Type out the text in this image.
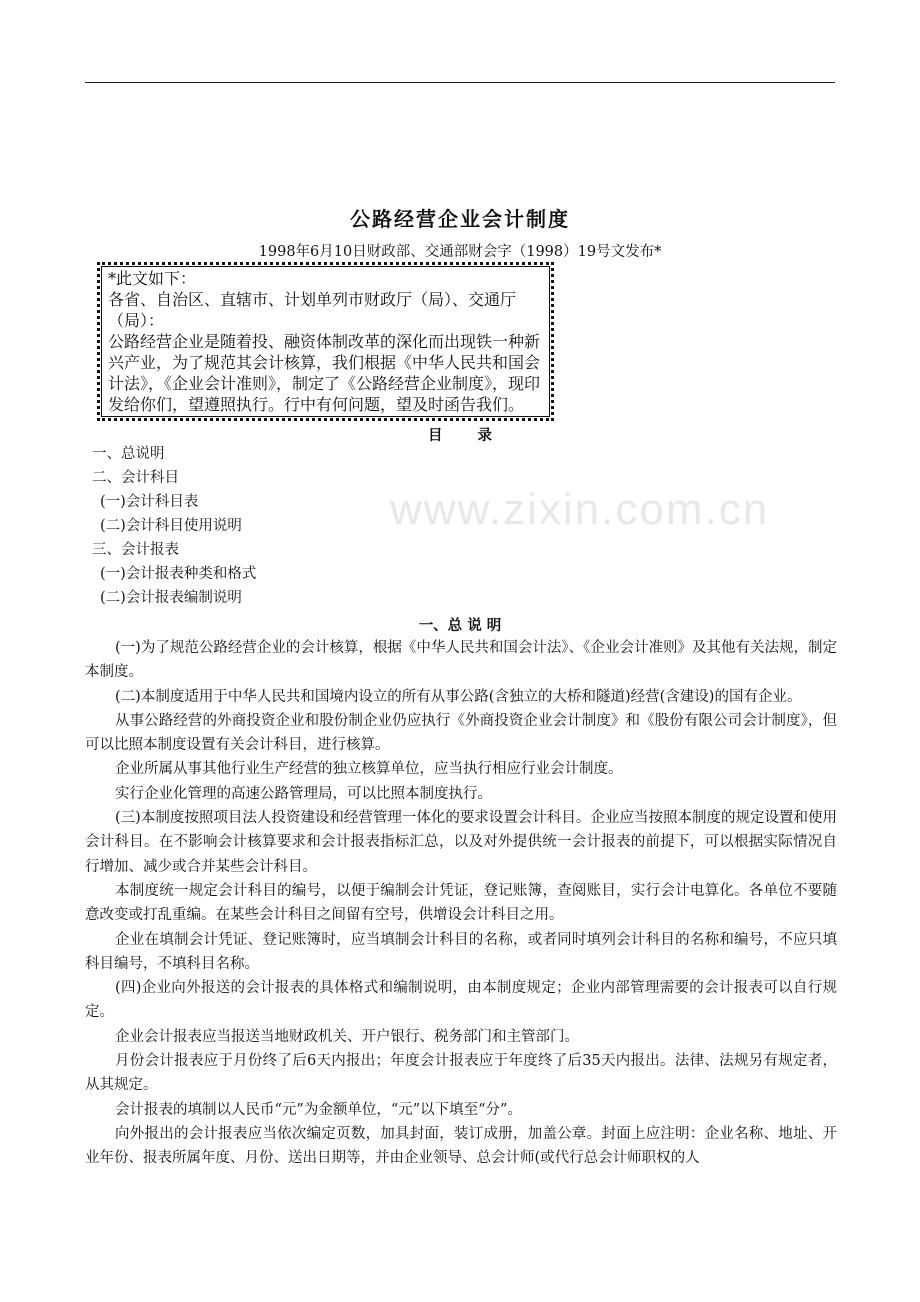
公路经营企业会计制度
1998年6月10日财政部、交通部财会字（1998）19号文发布*

*此文如下：

各省、自治区、直辖市、计划单列市财政厅（局）、交通厅（局）：

公路经营企业是随着投、融资体制改革的深化而出现铁一种新兴产业，为了规范其会计核算，我们根据《中华人民共和国会计法》，《企业会计准则》，制定了《公路经营企业制度》，现印发给你们，望遵照执行。行中有何问题，望及时函告我们。

目 录
一、总说明
二、会计科目
(一)会计科目表
(二)会计科目使用说明
三、会计报表
(一)会计报表种类和格式
(二)会计报表编制说明
www.zixin.com.cn
一、总 说 明

(一)为了规范公路经营企业的会计核算，根据《中华人民共和国会计法》、《企业会计准则》及其他有关法规，制定本制度。

(二)本制度适用于中华人民共和国境内设立的所有从事公路(含独立的大桥和隧道)经营(含建设)的国有企业。

从事公路经营的外商投资企业和股份制企业仍应执行《外商投资企业会计制度》和《股份有限公司会计制度》，但可以比照本制度设置有关会计科目，进行核算。

企业所属从事其他行业生产经营的独立核算单位，应当执行相应行业会计制度。

实行企业化管理的高速公路管理局，可以比照本制度执行。

(三)本制度按照项目法人投资建设和经营管理一体化的要求设置会计科目。企业应当按照本制度的规定设置和使用会计科目。在不影响会计核算要求和会计报表指标汇总，以及对外提供统一会计报表的前提下，可以根据实际情况自行增加、减少或合并某些会计科目。

本制度统一规定会计科目的编号，以便于编制会计凭证，登记账簿，查阅账目，实行会计电算化。各单位不要随意改变或打乱重编。在某些会计科目之间留有空号，供增设会计科目之用。

企业在填制会计凭证、登记账簿时，应当填制会计科目的名称，或者同时填列会计科目的名称和编号，不应只填科目编号，不填科目名称。

(四)企业向外报送的会计报表的具体格式和编制说明，由本制度规定；企业内部管理需要的会计报表可以自行规定。

企业会计报表应当报送当地财政机关、开户银行、税务部门和主管部门。

月份会计报表应于月份终了后6天内报出；年度会计报表应于年度终了后35天内报出。法律、法规另有规定者，从其规定。

会计报表的填制以人民币“元”为金额单位，“元”以下填至“分”。

向外报出的会计报表应当依次编定页数，加具封面，装订成册，加盖公章。封面上应注明：企业名称、地址、开业年份、报表所属年度、月份、送出日期等，并由企业领导、总会计师(或代行总会计师职权的人
